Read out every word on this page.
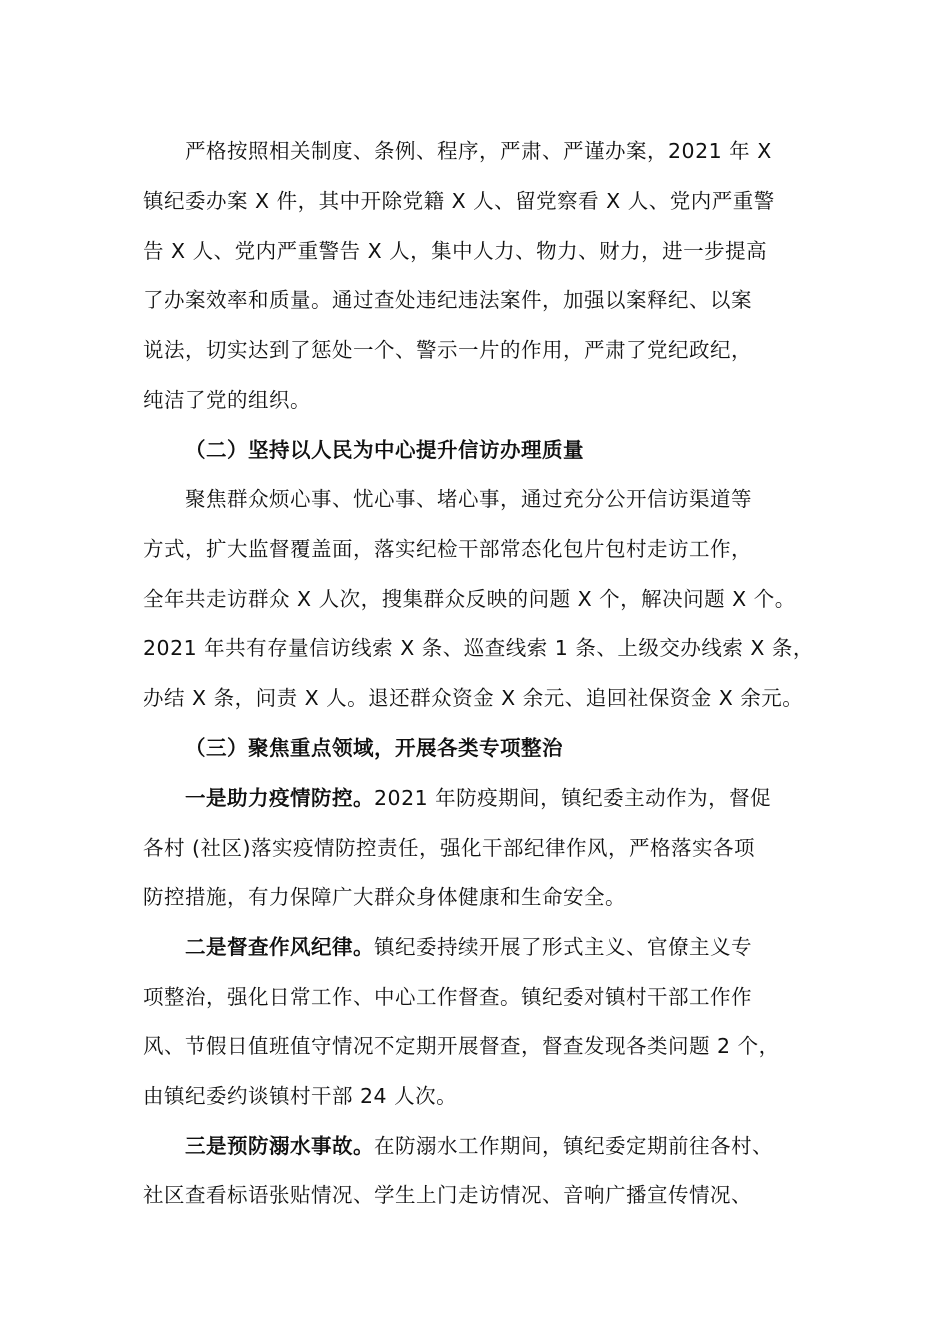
严格按照相关制度、条例、程序，严肃、严谨办案，2021 年 X
镇纪委办案 X 件，其中开除党籍 X 人、留党察看 X 人、党内严重警
告 X 人、党内严重警告 X 人，集中人力、物力、财力，进一步提高
了办案效率和质量。通过查处违纪违法案件，加强以案释纪、以案
说法，切实达到了惩处一个、警示一片的作用，严肃了党纪政纪，
纯洁了党的组织。
（二）坚持以人民为中心提升信访办理质量
聚焦群众烦心事、忧心事、堵心事，通过充分公开信访渠道等
方式，扩大监督覆盖面，落实纪检干部常态化包片包村走访工作，
全年共走访群众 X 人次，搜集群众反映的问题 X 个，解决问题 X 个。
2021 年共有存量信访线索 X 条、巡查线索 1 条、上级交办线索 X 条，
办结 X 条，问责 X 人。退还群众资金 X 余元、追回社保资金 X 余元。
（三）聚焦重点领域，开展各类专项整治
一是助力疫情防控。2021 年防疫期间，镇纪委主动作为，督促
各村 (社区)落实疫情防控责任，强化干部纪律作风，严格落实各项
防控措施，有力保障广大群众身体健康和生命安全。
二是督查作风纪律。镇纪委持续开展了形式主义、官僚主义专
项整治，强化日常工作、中心工作督查。镇纪委对镇村干部工作作
风、节假日值班值守情况不定期开展督查，督查发现各类问题 2 个，
由镇纪委约谈镇村干部 24 人次。
三是预防溺水事故。在防溺水工作期间，镇纪委定期前往各村、
社区查看标语张贴情况、学生上门走访情况、音响广播宣传情况、
